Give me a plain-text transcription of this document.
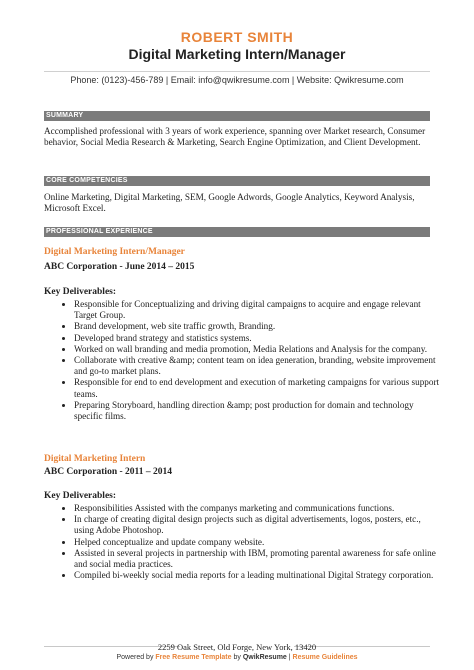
ROBERT SMITH
Digital Marketing Intern/Manager
Phone: (0123)-456-789 | Email: info@qwikresume.com | Website: Qwikresume.com
SUMMARY
Accomplished professional with 3 years of work experience, spanning over Market research, Consumer behavior, Social Media Research & Marketing, Search Engine Optimization, and Client Development.
CORE COMPETENCIES
Online Marketing, Digital Marketing, SEM, Google Adwords, Google Analytics, Keyword Analysis, Microsoft Excel.
PROFESSIONAL EXPERIENCE
Digital Marketing Intern/Manager
ABC Corporation - June 2014 – 2015
Key Deliverables:
• Responsible for Conceptualizing and driving digital campaigns to acquire and engage relevant Target Group.
• Brand development, web site traffic growth, Branding.
• Developed brand strategy and statistics systems.
• Worked on wall branding and media promotion, Media Relations and Analysis for the company.
• Collaborate with creative &amp; content team on idea generation, branding, website improvement and go-to market plans.
• Responsible for end to end development and execution of marketing campaigns for various support teams.
• Preparing Storyboard, handling direction &amp; post production for domain and technology specific films.
Digital Marketing Intern
ABC Corporation - 2011 – 2014
Key Deliverables:
• Responsibilities Assisted with the companys marketing and communications functions.
• In charge of creating digital design projects such as digital advertisements, logos, posters, etc., using Adobe Photoshop.
• Helped conceptualize and update company website.
• Assisted in several projects in partnership with IBM, promoting parental awareness for safe online and social media practices.
• Compiled bi-weekly social media reports for a leading multinational Digital Strategy corporation.
2259 Oak Street, Old Forge, New York, 13420
Powered by Free Resume Template by QwikResume | Resume Guidelines
